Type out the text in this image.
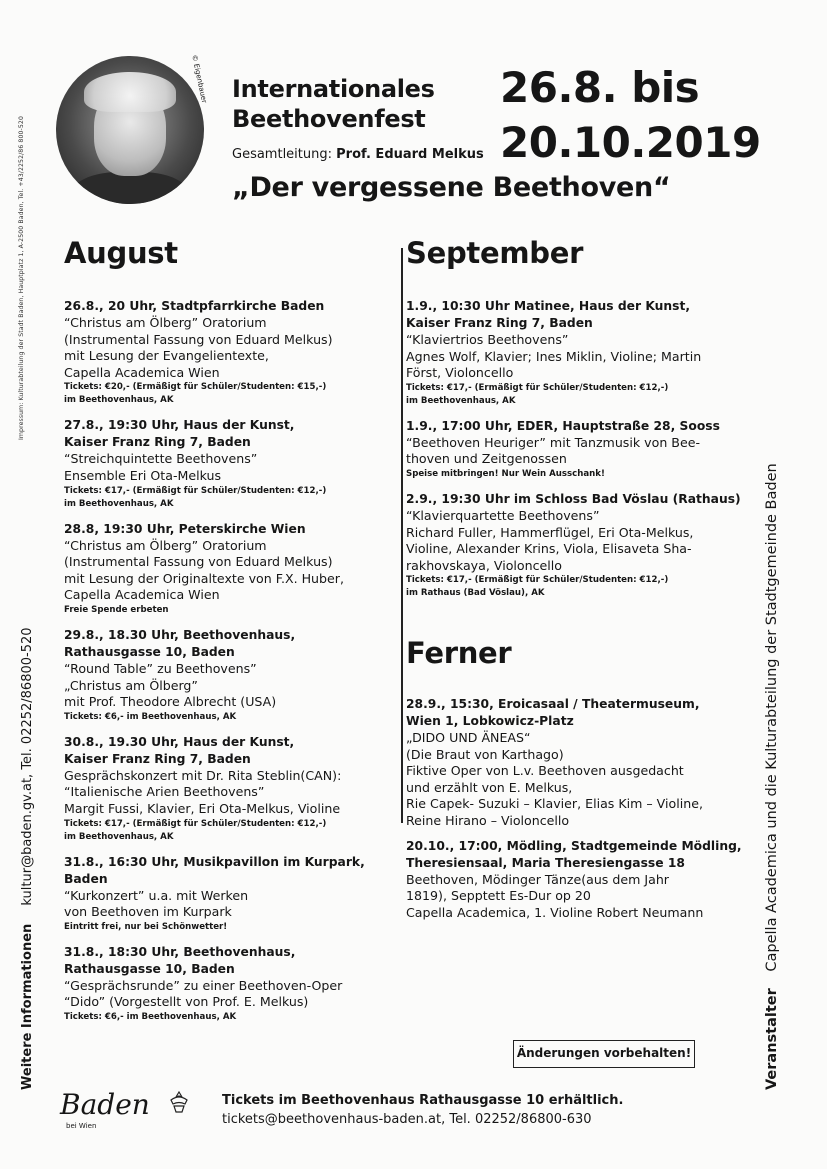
Impressum: Kulturabteilung der Stadt Baden, Hauptplatz 1, A-2500 Baden, Tel. +43/2252/86 800-520
Weitere Informationen kultur@baden.gv.at, Tel. 02252/86800-520
Veranstalter Capella Academica und die Kulturabteilung der Stadtgemeinde Baden
© Eigenbauer Internationales
Beethovenfest
Gesamtleitung: Prof. Eduard Melkus
26.8. bis
20.10.2019
„Der vergessene Beethoven“
August
26.8., 20 Uhr, Stadtpfarrkirche Baden
“Christus am Ölberg” Oratorium
(Instrumental Fassung von Eduard Melkus)
mit Lesung der Evangelientexte,
Capella Academica Wien
Tickets: €20,- (Ermäßigt für Schüler/Studenten: €15,-)
im Beethovenhaus, AK
27.8., 19:30 Uhr, Haus der Kunst,
Kaiser Franz Ring 7, Baden
“Streichquintette Beethovens”
Ensemble Eri Ota-Melkus
Tickets: €17,- (Ermäßigt für Schüler/Studenten: €12,-)
im Beethovenhaus, AK
28.8, 19:30 Uhr, Peterskirche Wien
“Christus am Ölberg” Oratorium
(Instrumental Fassung von Eduard Melkus)
mit Lesung der Originaltexte von F.X. Huber,
Capella Academica Wien
Freie Spende erbeten
29.8., 18.30 Uhr, Beethovenhaus,
Rathausgasse 10, Baden
“Round Table” zu Beethovens”
„Christus am Ölberg”
mit Prof. Theodore Albrecht (USA)
Tickets: €6,- im Beethovenhaus, AK
30.8., 19.30 Uhr, Haus der Kunst,
Kaiser Franz Ring 7, Baden
Gesprächskonzert mit Dr. Rita Steblin(CAN):
“Italienische Arien Beethovens”
Margit Fussi, Klavier, Eri Ota-Melkus, Violine
Tickets: €17,- (Ermäßigt für Schüler/Studenten: €12,-)
im Beethovenhaus, AK
31.8., 16:30 Uhr, Musikpavillon im Kurpark, Baden
“Kurkonzert” u.a. mit Werken
von Beethoven im Kurpark
Eintritt frei, nur bei Schönwetter!
31.8., 18:30 Uhr, Beethovenhaus,
Rathausgasse 10, Baden
“Gesprächsrunde” zu einer Beethoven-Oper
“Dido” (Vorgestellt von Prof. E. Melkus)
Tickets: €6,- im Beethovenhaus, AK
September
1.9., 10:30 Uhr Matinee, Haus der Kunst,
Kaiser Franz Ring 7, Baden
“Klaviertrios Beethovens”
Agnes Wolf, Klavier; Ines Miklin, Violine; Martin
Först, Violoncello
Tickets: €17,- (Ermäßigt für Schüler/Studenten: €12,-)
im Beethovenhaus, AK
1.9., 17:00 Uhr, EDER, Hauptstraße 28, Sooss
“Beethoven Heuriger” mit Tanzmusik von Bee-
thoven und Zeitgenossen
Speise mitbringen! Nur Wein Ausschank!
2.9., 19:30 Uhr im Schloss Bad Vöslau (Rathaus)
“Klavierquartette Beethovens”
Richard Fuller, Hammerflügel, Eri Ota-Melkus,
Violine, Alexander Krins, Viola, Elisaveta Sha-
rakhovskaya, Violoncello
Tickets: €17,- (Ermäßigt für Schüler/Studenten: €12,-)
im Rathaus (Bad Vöslau), AK
Ferner
28.9., 15:30, Eroicasaal / Theatermuseum,
Wien 1, Lobkowicz-Platz
„DIDO UND ÄNEAS“
(Die Braut von Karthago)
Fiktive Oper von L.v. Beethoven ausgedacht
und erzählt von E. Melkus,
Rie Capek- Suzuki – Klavier, Elias Kim – Violine,
Reine Hirano – Violoncello
20.10., 17:00, Mödling, Stadtgemeinde Mödling,
Theresiensaal, Maria Theresiengasse 18
Beethoven, Mödinger Tänze(aus dem Jahr
1819), Sepptett Es-Dur op 20
Capella Academica, 1. Violine Robert Neumann
Änderungen vorbehalten!
Baden
bei Wien
Tickets im Beethovenhaus Rathausgasse 10 erhältlich.
tickets@beethovenhaus-baden.at, Tel. 02252/86800-630
